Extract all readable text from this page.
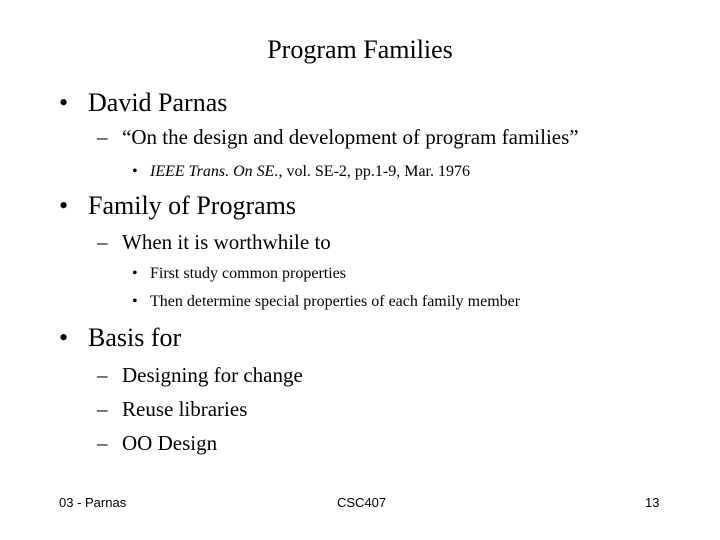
Program Families
• David Parnas
– “On the design and development of program families”
• IEEE Trans. On SE., vol. SE-2, pp.1-9, Mar. 1976
• Family of Programs
– When it is worthwhile to
• First study common properties
• Then determine special properties of each family member
• Basis for
– Designing for change
– Reuse libraries
– OO Design
03 - Parnas	CSC407	13
